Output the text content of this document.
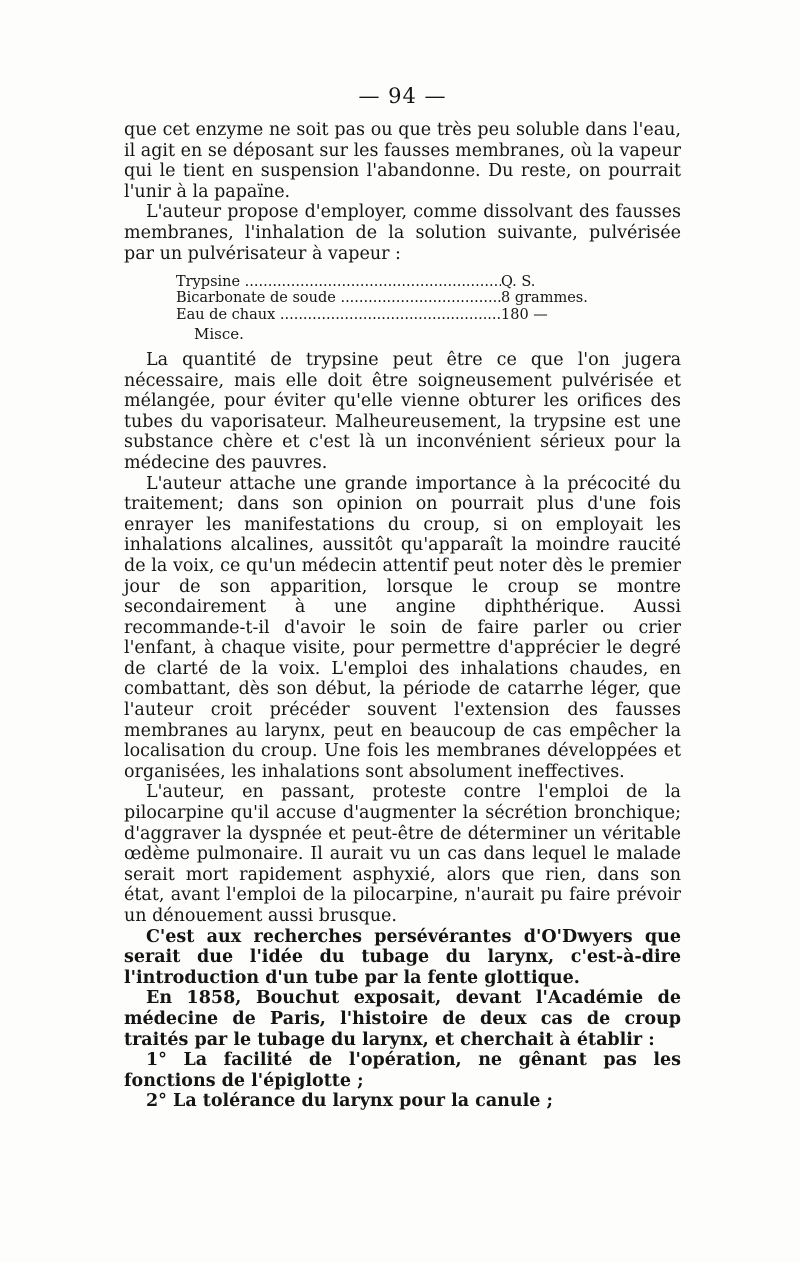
— 94 —

que cet enzyme ne soit pas ou que très peu soluble dans l'eau, il agit en se déposant sur les fausses membranes, où la vapeur qui le tient en suspension l'abandonne. Du reste, on pourrait l'unir à la papaïne.

L'auteur propose d'employer, comme dissolvant des fausses membranes, l'inhalation de la solution suivante, pulvérisée par un pulvérisateur à vapeur :

Trypsine .....	Q. S.
Bicarbonate de soude .....	8 grammes.
Eau de chaux .....	180 —
Misce.

La quantité de trypsine peut être ce que l'on jugera nécessaire, mais elle doit être soigneusement pulvérisée et mélangée, pour éviter qu'elle vienne obturer les orifices des tubes du vaporisateur. Malheureusement, la trypsine est une substance chère et c'est là un inconvénient sérieux pour la médecine des pauvres.

L'auteur attache une grande importance à la précocité du traitement; dans son opinion on pourrait plus d'une fois enrayer les manifestations du croup, si on employait les inhalations alcalines, aussitôt qu'apparaît la moindre raucité de la voix, ce qu'un médecin attentif peut noter dès le premier jour de son apparition, lorsque le croup se montre secondairement à une angine diphthérique. Aussi recommande-t-il d'avoir le soin de faire parler ou crier l'enfant, à chaque visite, pour permettre d'apprécier le degré de clarté de la voix. L'emploi des inhalations chaudes, en combattant, dès son début, la période de catarrhe léger, que l'auteur croit précéder souvent l'extension des fausses membranes au larynx, peut en beaucoup de cas empêcher la localisation du croup. Une fois les membranes développées et organisées, les inhalations sont absolument ineffectives.

L'auteur, en passant, proteste contre l'emploi de la pilocarpine qu'il accuse d'augmenter la sécrétion bronchique; d'aggraver la dyspnée et peut-être de déterminer un véritable œdème pulmonaire. Il aurait vu un cas dans lequel le malade serait mort rapidement asphyxié, alors que rien, dans son état, avant l'emploi de la pilocarpine, n'aurait pu faire prévoir un dénouement aussi brusque.

C'est aux recherches persévérantes d'O'Dwyers que serait due l'idée du tubage du larynx, c'est-à-dire l'introduction d'un tube par la fente glottique.

En 1858, Bouchut exposait, devant l'Académie de médecine de Paris, l'histoire de deux cas de croup traités par le tubage du larynx, et cherchait à établir :

1° La facilité de l'opération, ne gênant pas les fonctions de l'épiglotte ;

2° La tolérance du larynx pour la canule ;
